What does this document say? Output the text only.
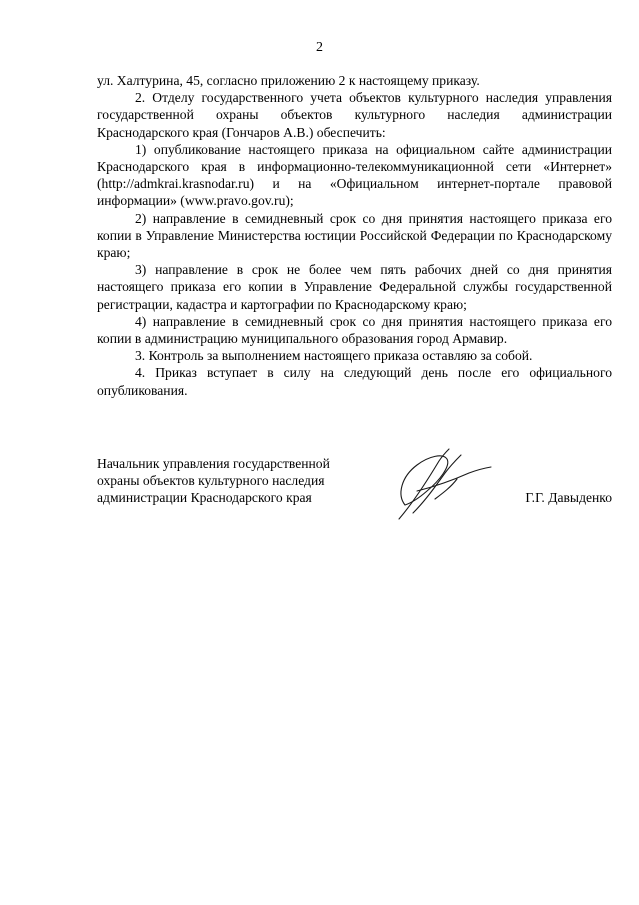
2

ул. Халтурина, 45, согласно приложению 2 к настоящему приказу.

2. Отделу государственного учета объектов культурного наследия управления государственной охраны объектов культурного наследия администрации Краснодарского края (Гончаров А.В.) обеспечить:

1) опубликование настоящего приказа на официальном сайте администрации Краснодарского края в информационно-телекоммуникационной сети «Интернет» (http://admkrai.krasnodar.ru) и на «Официальном интернет-портале правовой информации» (www.pravo.gov.ru);

2) направление в семидневный срок со дня принятия настоящего приказа его копии в Управление Министерства юстиции Российской Федерации по Краснодарскому краю;

3) направление в срок не более чем пять рабочих дней со дня принятия настоящего приказа его копии в Управление Федеральной службы государственной регистрации, кадастра и картографии по Краснодарскому краю;

4) направление в семидневный срок со дня принятия настоящего приказа его копии в администрацию муниципального образования город Армавир.

3. Контроль за выполнением настоящего приказа оставляю за собой.

4. Приказ вступает в силу на следующий день после его официального опубликования.

Начальник управления государственной
охраны объектов культурного наследия
администрации Краснодарского края	Г.Г. Давыденко
